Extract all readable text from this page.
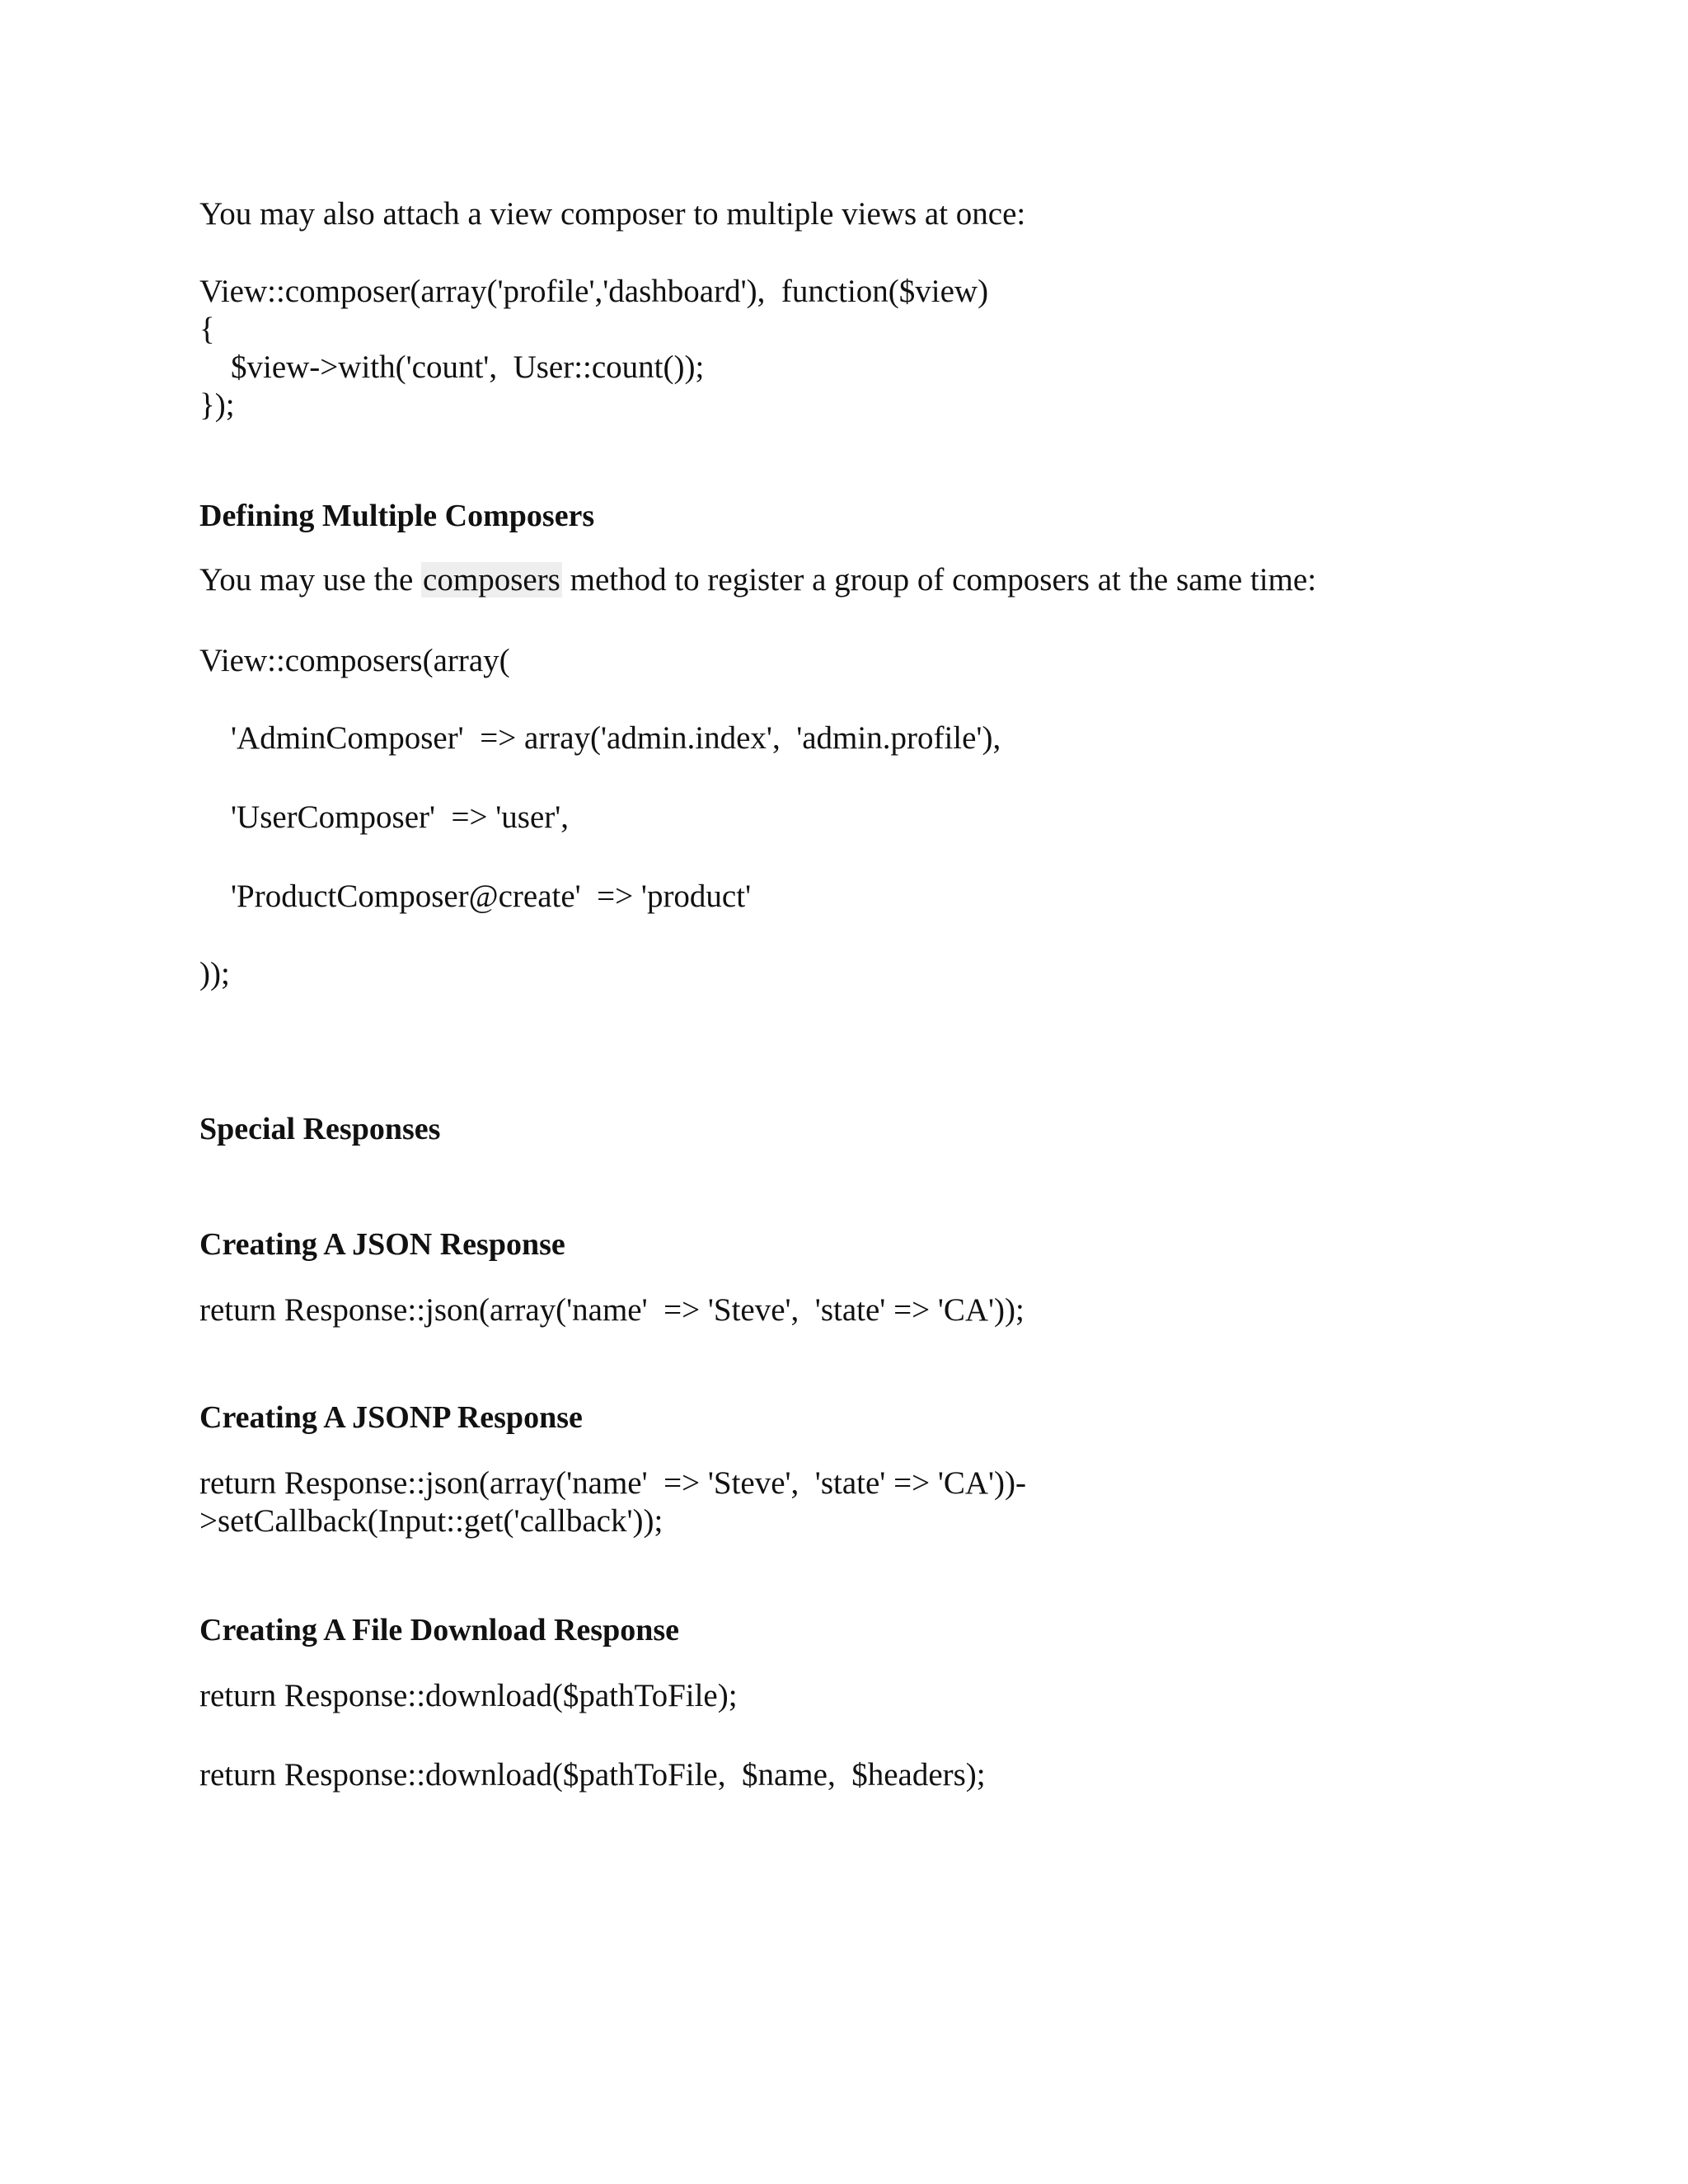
You may also attach a view composer to multiple views at once:

View::composer(array('profile','dashboard'),  function($view)

{

$view->with('count',  User::count());

});

Defining Multiple Composers

You may use the composers method to register a group of composers at the same time:

View::composers(array(

'AdminComposer'  => array('admin.index',  'admin.profile'),

'UserComposer'  => 'user',

'ProductComposer@create'  => 'product'

));

Special Responses

Creating A JSON Response

return Response::json(array('name'  => 'Steve',  'state' => 'CA'));

Creating A JSONP Response

return Response::json(array('name'  => 'Steve',  'state' => 'CA'))-

>setCallback(Input::get('callback'));

Creating A File Download Response

return Response::download($pathToFile);

return Response::download($pathToFile,  $name,  $headers);
